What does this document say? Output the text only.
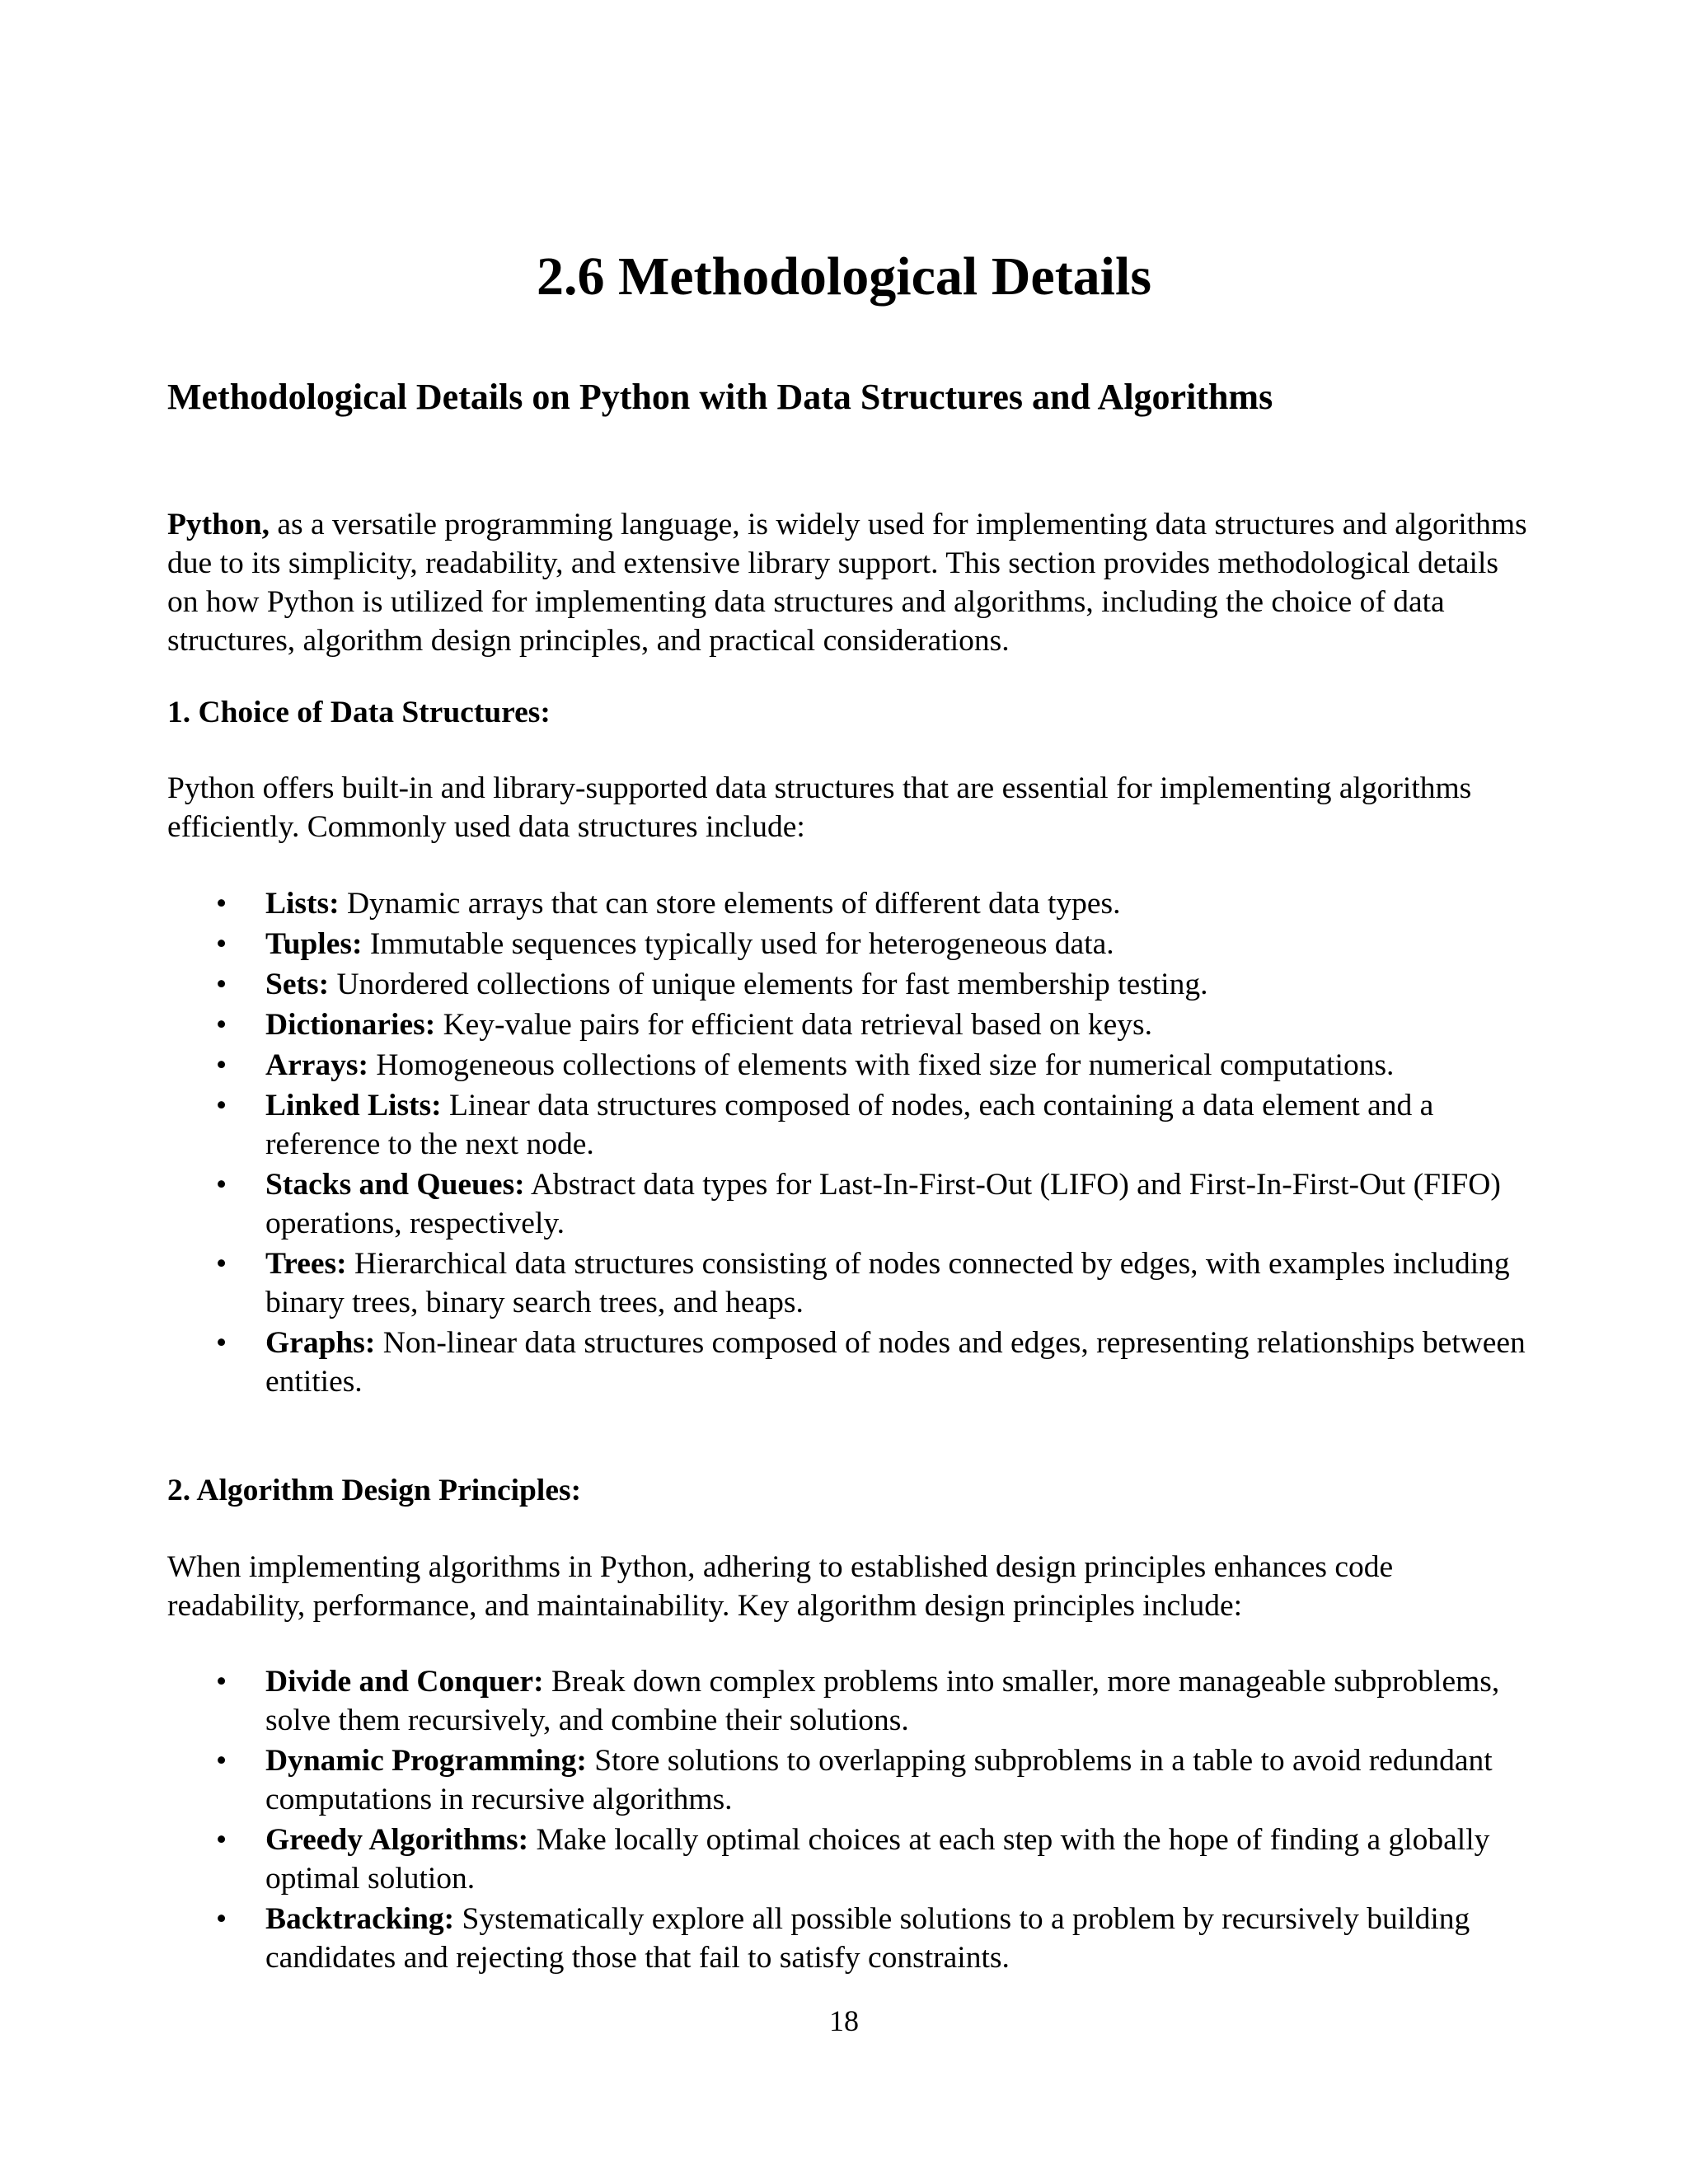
2.6 Methodological Details
Methodological Details on Python with Data Structures and Algorithms

Python, as a versatile programming language, is widely used for implementing data structures and algorithms due to its simplicity, readability, and extensive library support. This section provides methodological details on how Python is utilized for implementing data structures and algorithms, including the choice of data structures, algorithm design principles, and practical considerations.

1. Choice of Data Structures:

Python offers built-in and library-supported data structures that are essential for implementing algorithms efficiently. Commonly used data structures include:

• Lists: Dynamic arrays that can store elements of different data types.
• Tuples: Immutable sequences typically used for heterogeneous data.
• Sets: Unordered collections of unique elements for fast membership testing.
• Dictionaries: Key-value pairs for efficient data retrieval based on keys.
• Arrays: Homogeneous collections of elements with fixed size for numerical computations.
• Linked Lists: Linear data structures composed of nodes, each containing a data element and a reference to the next node.
• Stacks and Queues: Abstract data types for Last-In-First-Out (LIFO) and First-In-First-Out (FIFO) operations, respectively.
• Trees: Hierarchical data structures consisting of nodes connected by edges, with examples including binary trees, binary search trees, and heaps.
• Graphs: Non-linear data structures composed of nodes and edges, representing relationships between entities.
2. Algorithm Design Principles:

When implementing algorithms in Python, adhering to established design principles enhances code readability, performance, and maintainability. Key algorithm design principles include:

• Divide and Conquer: Break down complex problems into smaller, more manageable subproblems, solve them recursively, and combine their solutions.
• Dynamic Programming: Store solutions to overlapping subproblems in a table to avoid redundant computations in recursive algorithms.
• Greedy Algorithms: Make locally optimal choices at each step with the hope of finding a globally optimal solution.
• Backtracking: Systematically explore all possible solutions to a problem by recursively building candidates and rejecting those that fail to satisfy constraints.

18
